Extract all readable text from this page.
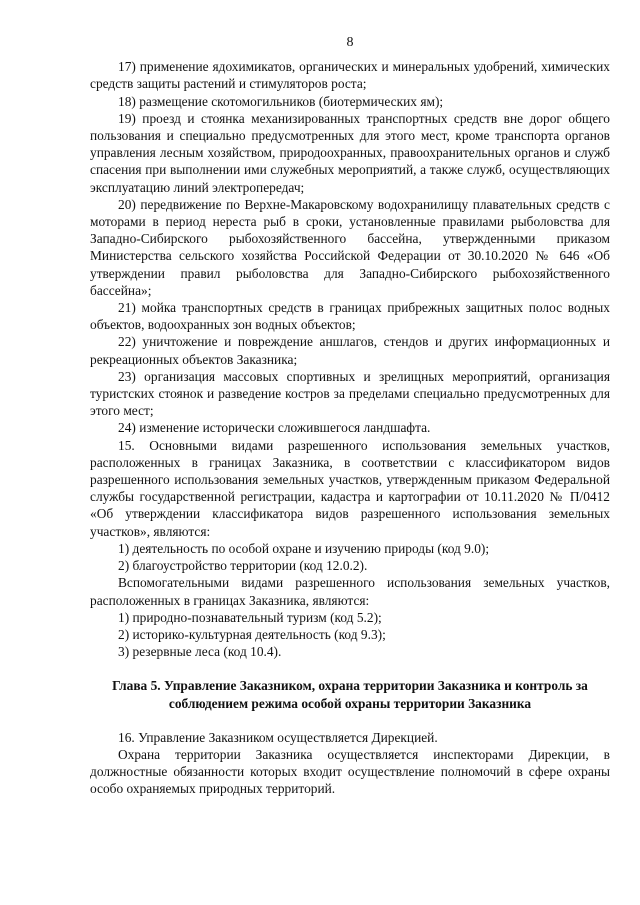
8

17) применение ядохимикатов, органических и минеральных удобрений, химических средств защиты растений и стимуляторов роста;

18) размещение скотомогильников (биотермических ям);

19) проезд и стоянка механизированных транспортных средств вне дорог общего пользования и специально предусмотренных для этого мест, кроме транспорта органов управления лесным хозяйством, природоохранных, правоохранительных органов и служб спасения при выполнении ими служебных мероприятий, а также служб, осуществляющих эксплуатацию линий электропередач;

20) передвижение по Верхне-Макаровскому водохранилищу плавательных средств с моторами в период нереста рыб в сроки, установленные правилами рыболовства для Западно-Сибирского рыбохозяйственного бассейна, утвержденными приказом Министерства сельского хозяйства Российской Федерации от 30.10.2020 № 646 «Об утверждении правил рыболовства для Западно-Сибирского рыбохозяйственного бассейна»;

21) мойка транспортных средств в границах прибрежных защитных полос водных объектов, водоохранных зон водных объектов;

22) уничтожение и повреждение аншлагов, стендов и других информационных и рекреационных объектов Заказника;

23) организация массовых спортивных и зрелищных мероприятий, организация туристских стоянок и разведение костров за пределами специально предусмотренных для этого мест;

24) изменение исторически сложившегося ландшафта.

15. Основными видами разрешенного использования земельных участков, расположенных в границах Заказника, в соответствии с классификатором видов разрешенного использования земельных участков, утвержденным приказом Федеральной службы государственной регистрации, кадастра и картографии от 10.11.2020 № П/0412 «Об утверждении классификатора видов разрешенного использования земельных участков», являются:

1) деятельность по особой охране и изучению природы (код 9.0);

2) благоустройство территории (код 12.0.2).

Вспомогательными видами разрешенного использования земельных участков, расположенных в границах Заказника, являются:

1) природно-познавательный туризм (код 5.2);

2) историко-культурная деятельность (код 9.3);

3) резервные леса (код 10.4).

Глава 5. Управление Заказником, охрана территории Заказника и контроль за соблюдением режима особой охраны территории Заказника

16. Управление Заказником осуществляется Дирекцией.

Охрана территории Заказника осуществляется инспекторами Дирекции, в должностные обязанности которых входит осуществление полномочий в сфере охраны особо охраняемых природных территорий.
